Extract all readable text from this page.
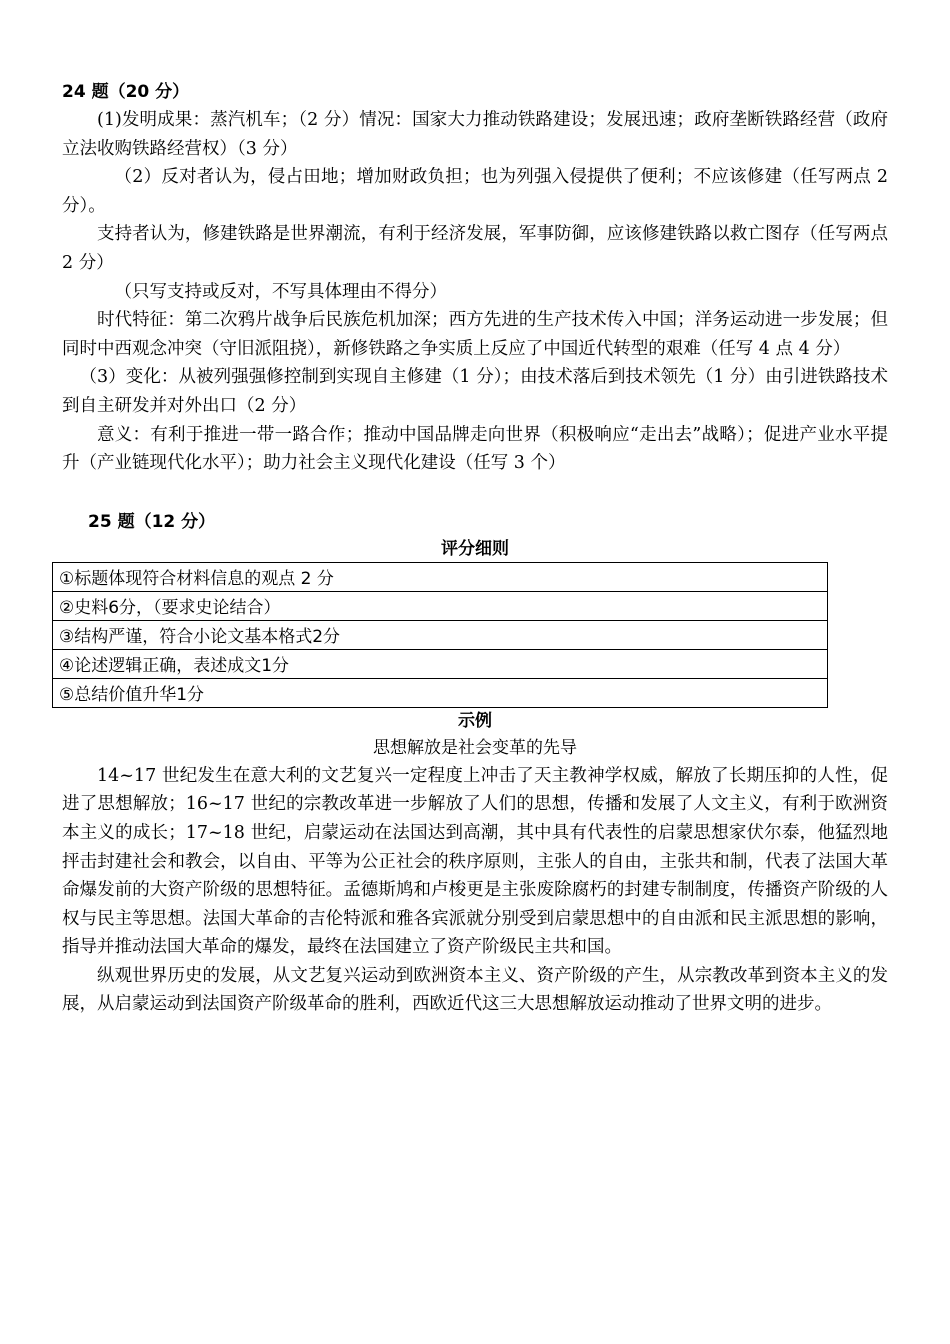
24 题（20 分）

(1)发明成果：蒸汽机车；（2 分）情况：国家大力推动铁路建设；发展迅速；政府垄断铁路经营（政府立法收购铁路经营权）（3 分）

（2）反对者认为，侵占田地；增加财政负担；也为列强入侵提供了便利；不应该修建（任写两点 2 分）。

支持者认为，修建铁路是世界潮流，有利于经济发展，军事防御，应该修建铁路以救亡图存（任写两点 2 分）

（只写支持或反对，不写具体理由不得分）

时代特征：第二次鸦片战争后民族危机加深；西方先进的生产技术传入中国；洋务运动进一步发展；但同时中西观念冲突（守旧派阻挠），新修铁路之争实质上反应了中国近代转型的艰难（任写 4 点 4 分）

（3）变化：从被列强强修控制到实现自主修建（1 分）；由技术落后到技术领先（1 分）由引进铁路技术到自主研发并对外出口（2 分）

意义：有利于推进一带一路合作；推动中国品牌走向世界（积极响应“走出去”战略）；促进产业水平提升（产业链现代化水平）；助力社会主义现代化建设（任写 3 个）

25 题（12 分）

评分细则

①标题体现符合材料信息的观点 2 分
②史料6分，（要求史论结合）
③结构严谨，符合小论文基本格式2分
④论述逻辑正确，表述成文1分
⑤总结价值升华1分

示例

思想解放是社会变革的先导

14~17 世纪发生在意大利的文艺复兴一定程度上冲击了天主教神学权威，解放了长期压抑的人性，促进了思想解放；16~17 世纪的宗教改革进一步解放了人们的思想，传播和发展了人文主义，有利于欧洲资本主义的成长；17~18 世纪，启蒙运动在法国达到高潮，其中具有代表性的启蒙思想家伏尔泰，他猛烈地抨击封建社会和教会，以自由、平等为公正社会的秩序原则，主张人的自由，主张共和制，代表了法国大革命爆发前的大资产阶级的思想特征。孟德斯鸠和卢梭更是主张废除腐朽的封建专制制度，传播资产阶级的人权与民主等思想。法国大革命的吉伦特派和雅各宾派就分别受到启蒙思想中的自由派和民主派思想的影响，指导并推动法国大革命的爆发，最终在法国建立了资产阶级民主共和国。

纵观世界历史的发展，从文艺复兴运动到欧洲资本主义、资产阶级的产生，从宗教改革到资本主义的发展，从启蒙运动到法国资产阶级革命的胜利，西欧近代这三大思想解放运动推动了世界文明的进步。
